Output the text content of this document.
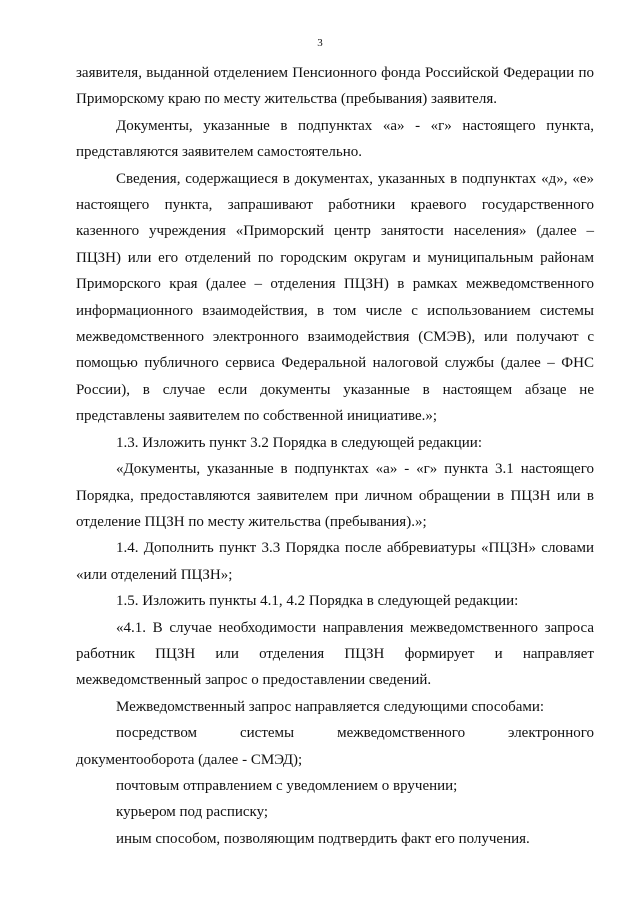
3

заявителя, выданной отделением Пенсионного фонда Российской Федерации по Приморскому краю по месту жительства (пребывания) заявителя.

Документы, указанные в подпунктах «а» - «г» настоящего пункта, представляются заявителем самостоятельно.

Сведения, содержащиеся в документах, указанных в подпунктах «д», «е» настоящего пункта, запрашивают работники краевого государственного казенного учреждения «Приморский центр занятости населения» (далее – ПЦЗН) или его отделений по городским округам и муниципальным районам Приморского края (далее – отделения ПЦЗН) в рамках межведомственного информационного взаимодействия, в том числе с использованием системы межведомственного электронного взаимодействия (СМЭВ), или получают с помощью публичного сервиса Федеральной налоговой службы (далее – ФНС России), в случае если документы указанные в настоящем абзаце не представлены заявителем по собственной инициативе.»;

1.3. Изложить пункт 3.2 Порядка в следующей редакции:

«Документы, указанные в подпунктах «а» - «г» пункта 3.1 настоящего Порядка, предоставляются заявителем при личном обращении в ПЦЗН или в отделение ПЦЗН по месту жительства (пребывания).»;

1.4. Дополнить пункт 3.3 Порядка после аббревиатуры «ПЦЗН» словами «или отделений ПЦЗН»;

1.5. Изложить пункты 4.1, 4.2 Порядка в следующей редакции:

«4.1. В случае необходимости направления межведомственного запроса работник ПЦЗН или отделения ПЦЗН формирует и направляет межведомственный запрос о предоставлении сведений.

Межведомственный запрос направляется следующими способами:

посредством системы межведомственного электронного документооборота (далее - СМЭД);

почтовым отправлением с уведомлением о вручении;

курьером под расписку;

иным способом, позволяющим подтвердить факт его получения.
